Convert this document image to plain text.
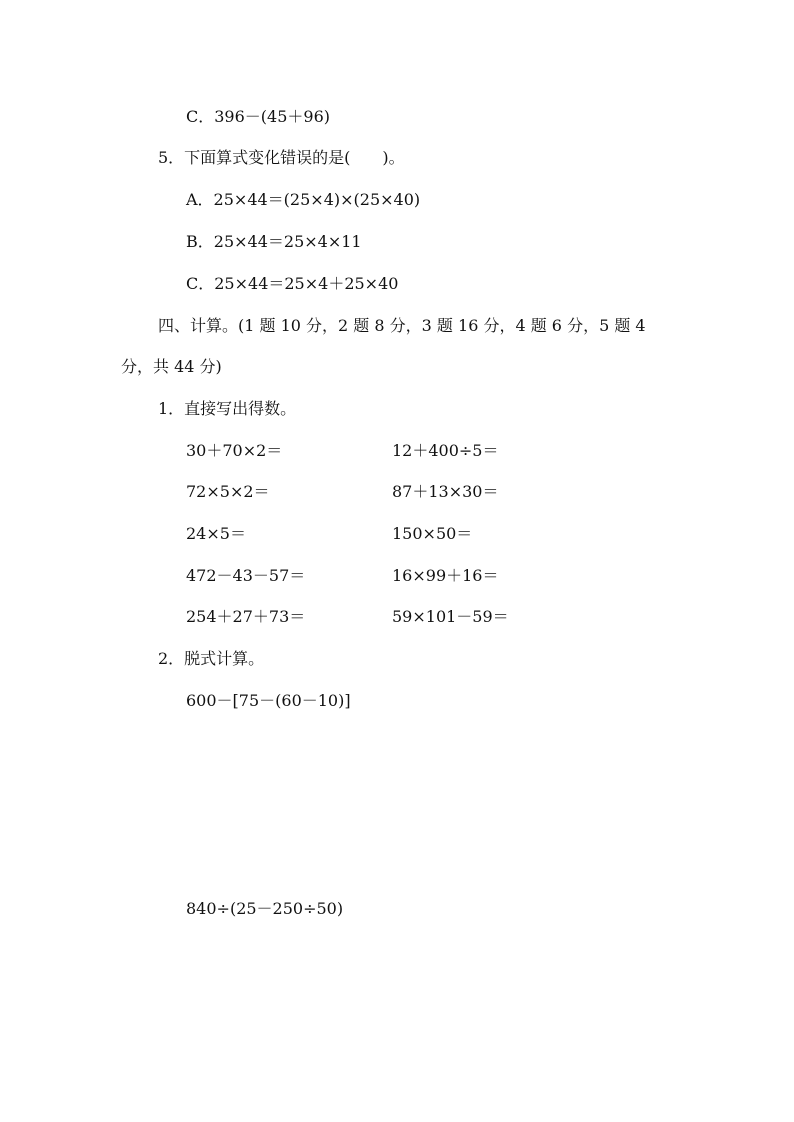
C．396－(45＋96)
5．下面算式变化错误的是(　　)。
A．25×44＝(25×4)×(25×40)
B．25×44＝25×4×11
C．25×44＝25×4＋25×40
四、计算。(1 题 10 分，2 题 8 分，3 题 16 分，4 题 6 分，5 题 4
分，共 44 分)
1．直接写出得数。
30＋70×2＝	12＋400÷5＝
72×5×2＝	87＋13×30＝
24×5＝	150×50＝
472－43－57＝	16×99＋16＝
254＋27＋73＝	59×101－59＝
2．脱式计算。
600－[75－(60－10)]
840÷(25－250÷50)
